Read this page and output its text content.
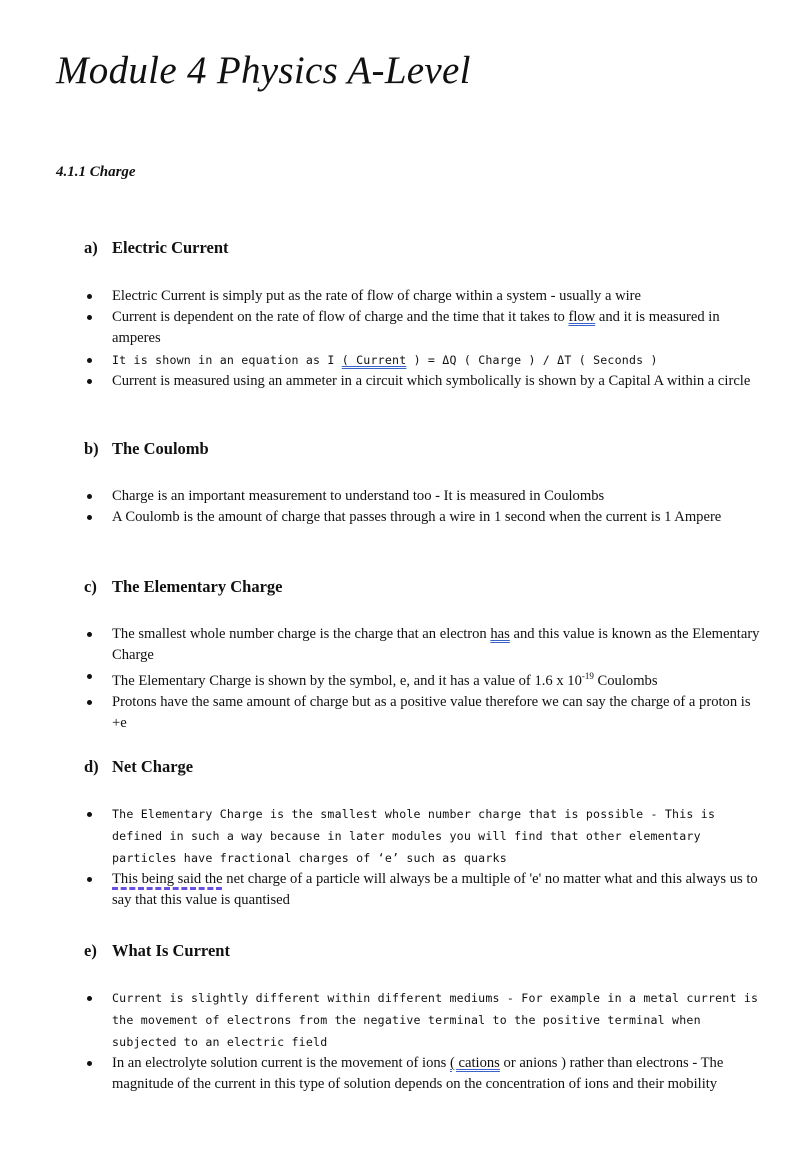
Module 4 Physics A-Level
4.1.1 Charge
a) Electric Current
Electric Current is simply put as the rate of flow of charge within a system - usually a wire
Current is dependent on the rate of flow of charge and the time that it takes to flow and it is measured in amperes
It is shown in an equation as I ( Current ) = ΔQ ( Charge ) / ΔT ( Seconds )
Current is measured using an ammeter in a circuit which symbolically is shown by a Capital A within a circle
b) The Coulomb
Charge is an important measurement to understand too - It is measured in Coulombs
A Coulomb is the amount of charge that passes through a wire in 1 second when the current is 1 Ampere
c) The Elementary Charge
The smallest whole number charge is the charge that an electron has and this value is known as the Elementary Charge
The Elementary Charge is shown by the symbol, e, and it has a value of 1.6 x $10^{-19}$ Coulombs
Protons have the same amount of charge but as a positive value therefore we can say the charge of a proton is +e
d) Net Charge
The Elementary Charge is the smallest whole number charge that is possible - This is defined in such a way because in later modules you will find that other elementary particles have fractional charges of ‘e’ such as quarks
This being said the net charge of a particle will always be a multiple of 'e' no matter what and this always us to say that this value is quantised
e) What Is Current
Current is slightly different within different mediums - For example in a metal current is the movement of electrons from the negative terminal to the positive terminal when subjected to an electric field
In an electrolyte solution current is the movement of ions ( cations or anions ) rather than electrons - The magnitude of the current in this type of solution depends on the concentration of ions and their mobility
